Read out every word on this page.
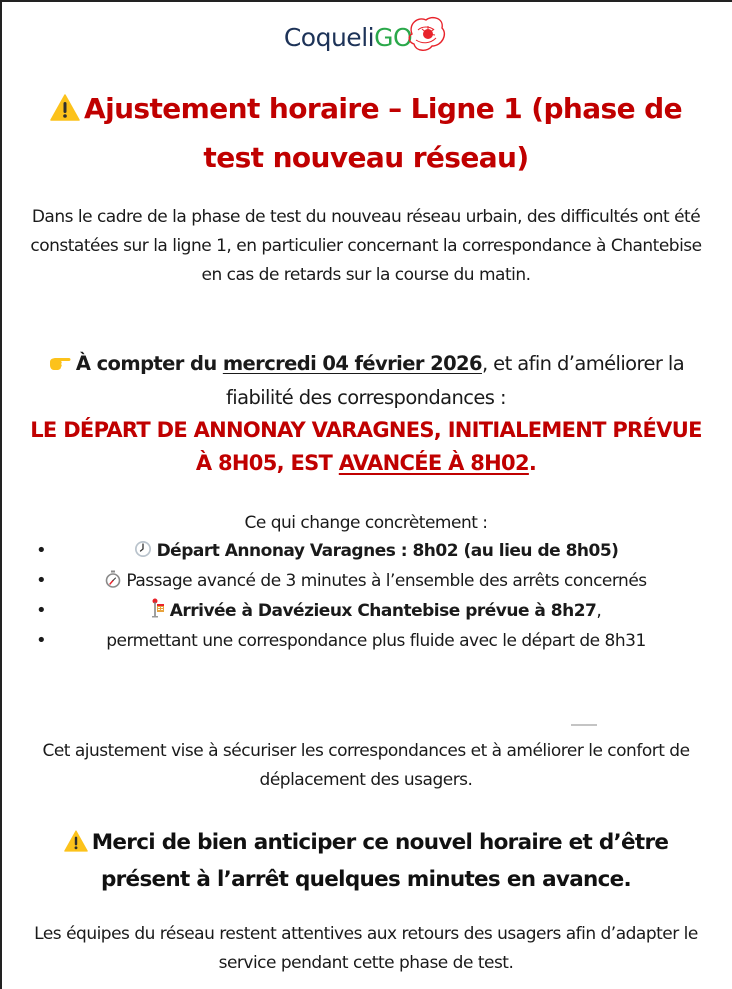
Coqueli GO
Ajustement horaire – Ligne 1 (phase de test nouveau réseau)
Dans le cadre de la phase de test du nouveau réseau urbain, des difficultés ont été constatées sur la ligne 1, en particulier concernant la correspondance à Chantebise en cas de retards sur la course du matin.
À compter du mercredi 04 février 2026, et afin d’améliorer la fiabilité des correspondances :
LE DÉPART DE ANNONAY VARAGNES, INITIALEMENT PRÉVUE À 8H05, EST AVANCÉE À 8H02.
Ce qui change concrètement :
•	Départ Annonay Varagnes : 8h02 (au lieu de 8h05)
•	Passage avancé de 3 minutes à l’ensemble des arrêts concernés
•	Arrivée à Davézieux Chantebise prévue à 8h27,
•	permettant une correspondance plus fluide avec le départ de 8h31
Cet ajustement vise à sécuriser les correspondances et à améliorer le confort de déplacement des usagers.
Merci de bien anticiper ce nouvel horaire et d’être présent à l’arrêt quelques minutes en avance.
Les équipes du réseau restent attentives aux retours des usagers afin d’adapter le service pendant cette phase de test.
